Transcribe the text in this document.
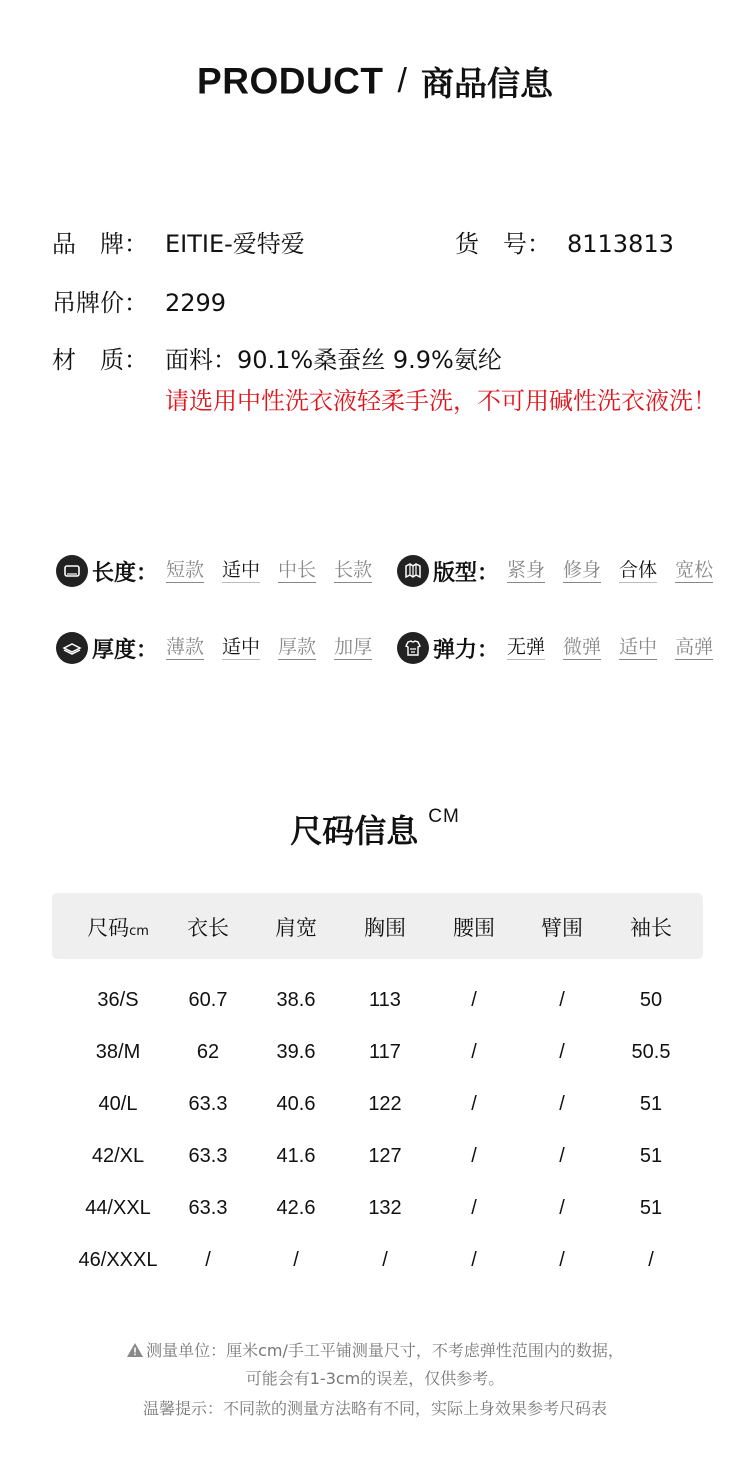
PRODUCT / 商品信息
品　牌： EITIE-爱特爱	货　号： 8113813
吊牌价： 2299
材　质： 面料：90.1%桑蚕丝 9.9%氨纶
请选用中性洗衣液轻柔手洗，不可用碱性洗衣液洗！
长度： 短款 适中 中长 长款	版型： 紧身 修身 合体 宽松
厚度： 薄款 适中 厚款 加厚	弹力： 无弹 微弹 适中 高弹
尺码信息 CM
尺码cm	衣长	肩宽	胸围	腰围	臂围	袖长
36/S	60.7	38.6	113	/	/	50
38/M	62	39.6	117	/	/	50.5
40/L	63.3	40.6	122	/	/	51
42/XL	63.3	41.6	127	/	/	51
44/XXL	63.3	42.6	132	/	/	51
46/XXXL	/	/	/	/	/	/
测量单位：厘米cm/手工平铺测量尺寸，不考虑弹性范围内的数据，
可能会有1-3cm的误差，仅供参考。
温馨提示：不同款的测量方法略有不同，实际上身效果参考尺码表
